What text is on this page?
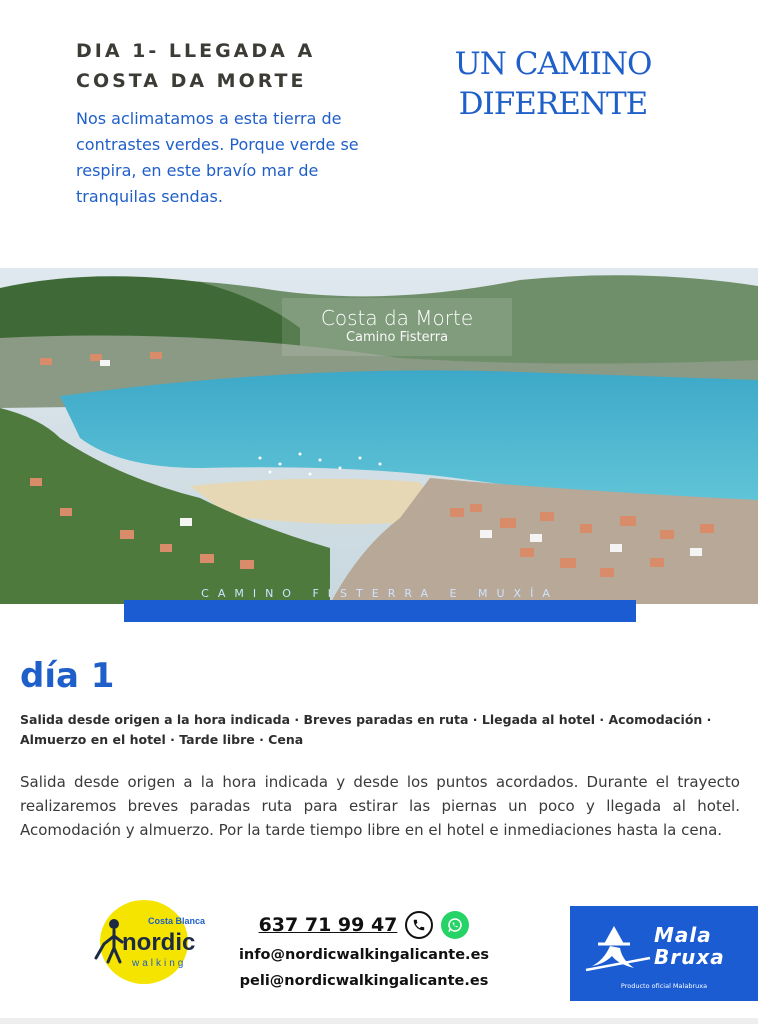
DIA 1- LLEGADA A
COSTA DA MORTE
Nos aclimatamos a esta tierra de contrastes verdes. Porque verde se respira, en este bravío mar de tranquilas sendas.
UN CAMINO
DIFERENTE
Costa da Morte
Camino Fisterra
CAMINO FISTERRA E MUXÍA
día 1
Salida desde origen a la hora indicada · Breves paradas en ruta · Llegada al hotel · Acomodación · Almuerzo en el hotel · Tarde libre · Cena
Salida desde origen a la hora indicada y desde los puntos acordados. Durante el trayecto realizaremos breves paradas ruta para estirar las piernas un poco y llegada al hotel. Acomodación y almuerzo. Por la tarde tiempo libre en el hotel e inmediaciones hasta la cena.
Costa Blanca
nordic
walking
637 71 99 47
info@nordicwalkingalicante.es
peli@nordicwalkingalicante.es
Mala
Bruxa
Producto oficial Malabruxa
